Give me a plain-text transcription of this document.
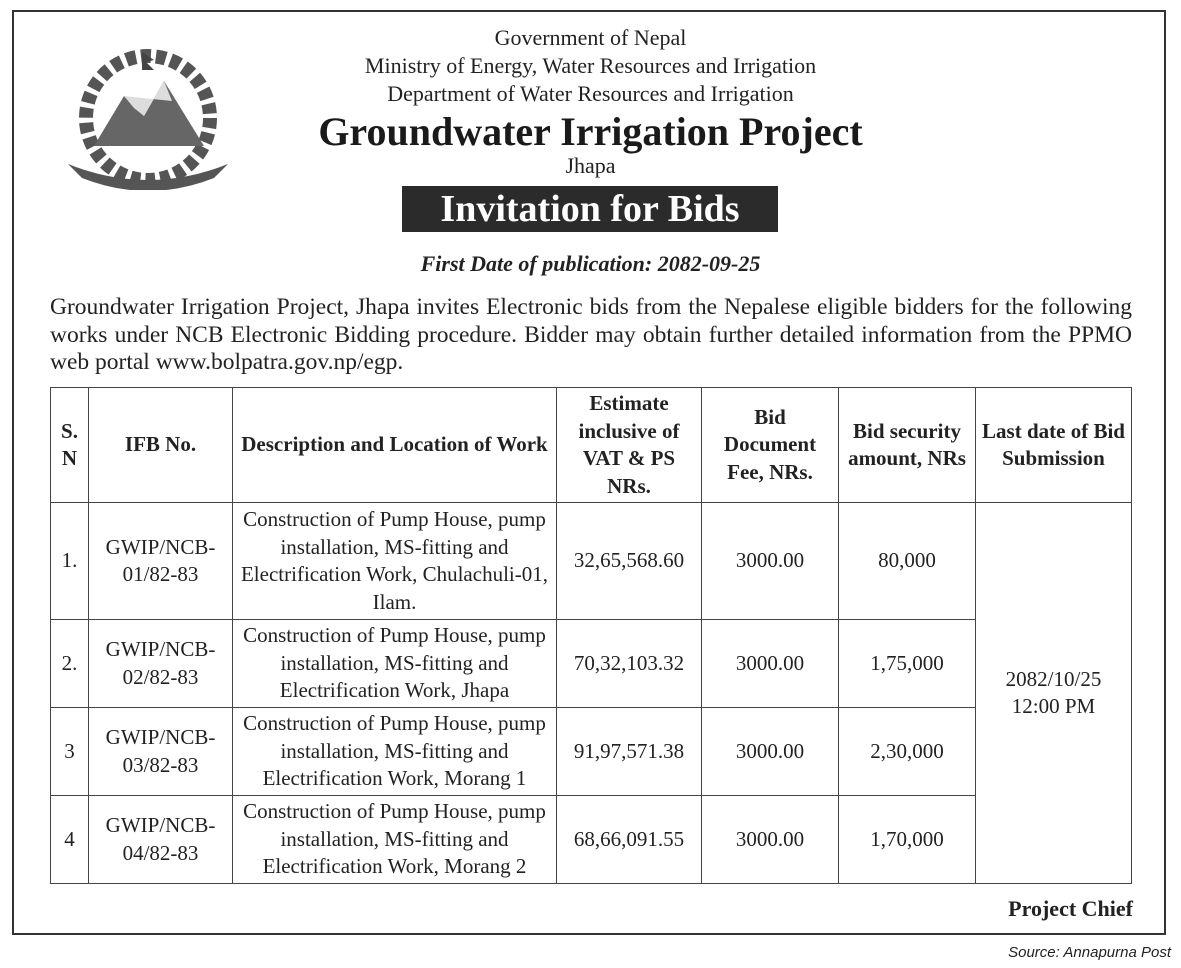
Government of Nepal
Ministry of Energy, Water Resources and Irrigation
Department of Water Resources and Irrigation
Groundwater Irrigation Project
Jhapa
Invitation for Bids
First Date of publication: 2082-09-25
Groundwater Irrigation Project, Jhapa invites Electronic bids from the Nepalese eligible bidders for the following works under NCB Electronic Bidding procedure. Bidder may obtain further detailed information from the PPMO web portal www.bolpatra.gov.np/egp.
S. N	IFB No.	Description and Location of Work	Estimate inclusive of VAT & PS NRs.	Bid Document Fee, NRs.	Bid security amount, NRs	Last date of Bid Submission
1.	GWIP/NCB-01/82-83	Construction of Pump House, pump installation, MS-fitting and Electrification Work, Chulachuli-01, Ilam.	32,65,568.60	3000.00	80,000	2082/10/25 12:00 PM
2.	GWIP/NCB-02/82-83	Construction of Pump House, pump installation, MS-fitting and Electrification Work, Jhapa	70,32,103.32	3000.00	1,75,000	
3	GWIP/NCB-03/82-83	Construction of Pump House, pump installation, MS-fitting and Electrification Work, Morang 1	91,97,571.38	3000.00	2,30,000	
4	GWIP/NCB-04/82-83	Construction of Pump House, pump installation, MS-fitting and Electrification Work, Morang 2	68,66,091.55	3000.00	1,70,000	
Project Chief
Source: Annapurna Post
